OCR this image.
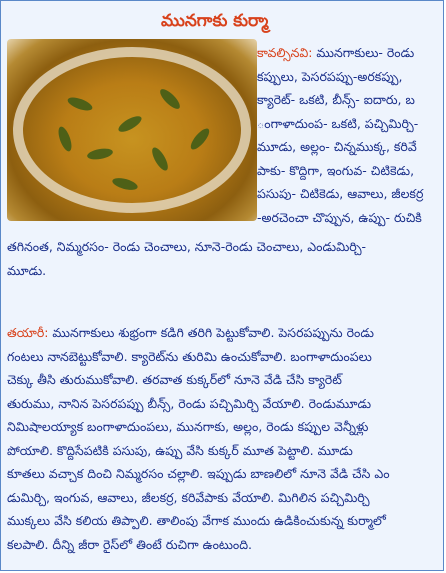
మునగాకు కుర్మా
కావల్సినవి: మునగాకులు- రెండు
కప్పులు, పెసరపప్పు-అరకప్పు,
క్యారెట్- ఒకటి, బీన్స్- ఐదారు, బ
ంగాళాదుంప- ఒకటి, పచ్చిమిర్చి-
మూడు, అల్లం- చిన్నముక్క, కరివే
పాకు- కొద్దిగా, ఇంగువ- చిటికెడు,
పసుపు- చిటికెడు, ఆవాలు, జీలకర్ర
-అరచెంచా చొప్పున, ఉప్పు- రుచికి
తగినంత, నిమ్మరసం- రెండు చెంచాలు, నూనె-రెండు చెంచాలు, ఎండుమిర్చి-
మూడు.
తయారీ: మునగాకులు శుభ్రంగా కడిగి తరిగి పెట్టుకోవాలి. పెసరపప్పును రెండు
గంటలు నానబెట్టుకోవాలి. క్యారెట్‌ను తురిమి ఉంచుకోవాలి. బంగాళాదుంపలు
చెక్కు తీసి తురుముకోవాలి. తరవాత కుక్కర్‌లో నూనె వేడి చేసి క్యారెట్
తురుము, నానిన పెసరపప్పు బీన్స్, రెండు పచ్చిమిర్చి వేయాలి. రెండుమూడు
నిమిషాలయ్యాక బంగాళాదుంపలు, మునగాకు, అల్లం, రెండు కప్పుల వెన్నీళ్లు
పోయాలి. కొద్దిసేపటికి పసుపు, ఉప్పు వేసి కుక్కర్ మూత పెట్టాలి. మూడు
కూతలు వచ్చాక దించి నిమ్మరసం చల్లాలి. ఇప్పుడు బాణలిలో నూనె వేడి చేసి ఎం
డుమిర్చి, ఇంగువ, ఆవాలు, జీలకర్ర, కరివేపాకు వేయాలి. మిగిలిన పచ్చిమిర్చి
ముక్కలు వేసి కలియ తిప్పాలి. తాలింపు వేగాక ముందు ఉడికించుకున్న కుర్మాలో
కలపాలి. దీన్ని జీరా రైస్‌లో తింటే రుచిగా ఉంటుంది.
